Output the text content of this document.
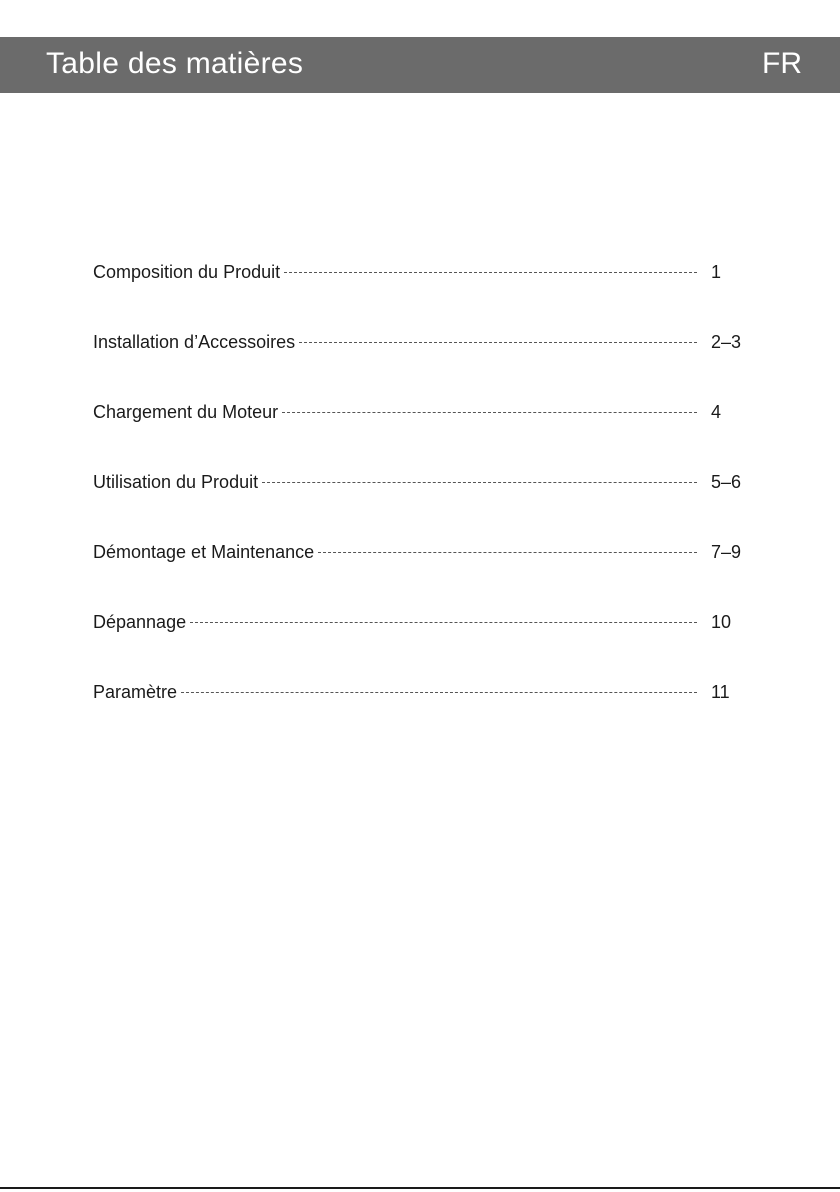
Table des matières	FR
Composition du Produit	1
Installation d’Accessoires	2–3
Chargement du Moteur	4
Utilisation du Produit	5–6
Démontage et Maintenance	7–9
Dépannage	10
Paramètre	11
